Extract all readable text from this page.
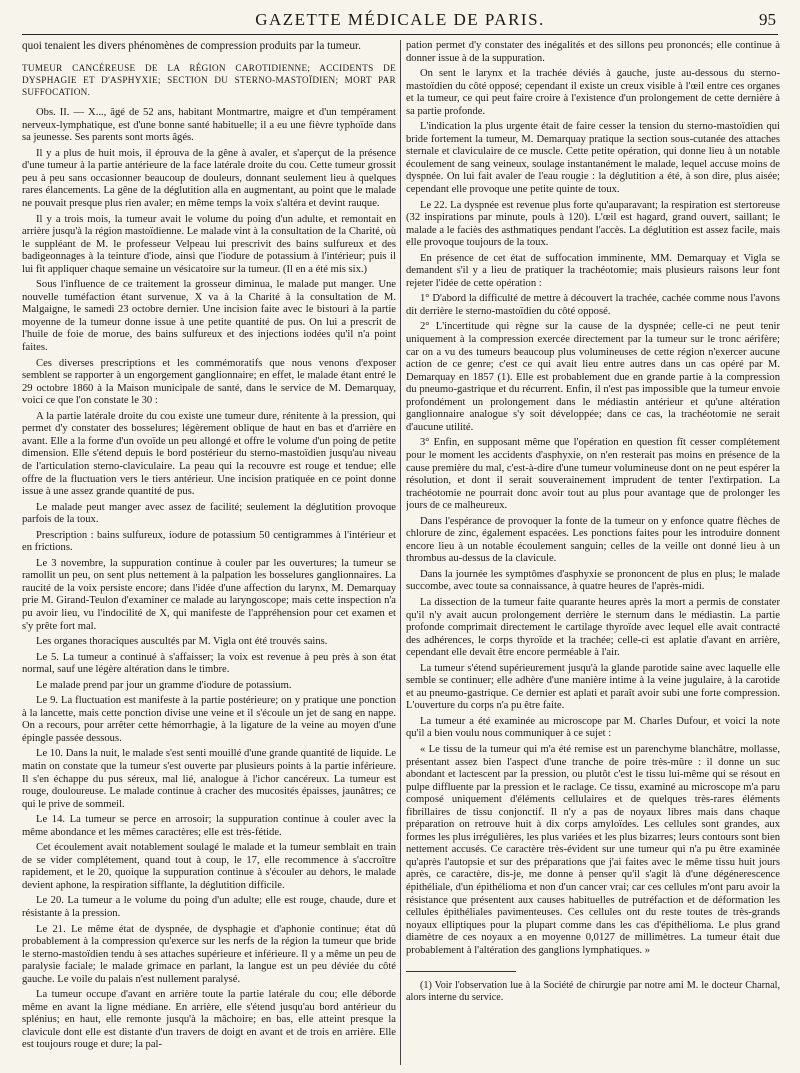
GAZETTE MÉDICALE DE PARIS.	95

quoi tenaient les divers phénomènes de compression produits par la tumeur.

TUMEUR CANCÉREUSE DE LA RÉGION CAROTIDIENNE; ACCIDENTS DE DYSPHAGIE ET D'ASPHYXIE; SECTION DU STERNO-MASTOÏDIEN; MORT PAR SUFFOCATION.

Obs. II. — X..., âgé de 52 ans, habitant Montmartre, maigre et d'un tempérament nerveux-lymphatique, est d'une bonne santé habituelle; il a eu une fièvre typhoïde dans sa jeunesse. Ses parents sont morts âgés.

Il y a plus de huit mois, il éprouva de la gêne à avaler, et s'aperçut de la présence d'une tumeur à la partie antérieure de la face latérale droite du cou. Cette tumeur grossit peu à peu sans occasionner beaucoup de douleurs, donnant seulement lieu à quelques rares élancements. La gêne de la déglutition alla en augmentant, au point que le malade ne pouvait presque plus rien avaler; en même temps la voix s'altéra et devint rauque.

Il y a trois mois, la tumeur avait le volume du poing d'un adulte, et remontait en arrière jusqu'à la région mastoïdienne. Le malade vint à la consultation de la Charité, où le suppléant de M. le professeur Velpeau lui prescrivit des bains sulfureux et des badigeonnages à la teinture d'iode, ainsi que l'iodure de potassium à l'intérieur; puis il lui fit appliquer chaque semaine un vésicatoire sur la tumeur. (Il en a été mis six.)

Sous l'influence de ce traitement la grosseur diminua, le malade put manger. Une nouvelle tuméfaction étant survenue, X va à la Charité à la consultation de M. Malgaigne, le samedi 23 octobre dernier. Une incision faite avec le bistouri à la partie moyenne de la tumeur donne issue à une petite quantité de pus. On lui a prescrit de l'huile de foie de morue, des bains sulfureux et des injections iodées qu'il n'a point faites.

Ces diverses prescriptions et les commémoratifs que nous venons d'exposer semblent se rapporter à un engorgement ganglionnaire; en effet, le malade étant entré le 29 octobre 1860 à la Maison municipale de santé, dans le service de M. Demarquay, voici ce que l'on constate le 30 :

A la partie latérale droite du cou existe une tumeur dure, rénitente à la pression, qui permet d'y constater des bosselures; légèrement oblique de haut en bas et d'arrière en avant. Elle a la forme d'un ovoïde un peu allongé et offre le volume d'un poing de petite dimension. Elle s'étend depuis le bord postérieur du sterno-mastoïdien jusqu'au niveau de l'articulation sterno-claviculaire. La peau qui la recouvre est rouge et tendue; elle offre de la fluctuation vers le tiers antérieur. Une incision pratiquée en ce point donne issue à une assez grande quantité de pus.

Le malade peut manger avec assez de facilité; seulement la déglutition provoque parfois de la toux.

Prescription : bains sulfureux, iodure de potassium 50 centigrammes à l'intérieur et en frictions.

Le 3 novembre, la suppuration continue à couler par les ouvertures; la tumeur se ramollit un peu, on sent plus nettement à la palpation les bosselures ganglionnaires. La raucité de la voix persiste encore; dans l'idée d'une affection du larynx, M. Demarquay prie M. Girand-Teulon d'examiner ce malade au laryngoscope; mais cette inspection n'a pu avoir lieu, vu l'indocilité de X, qui manifeste de l'appréhension pour cet examen et s'y prête fort mal.

Les organes thoraciques auscultés par M. Vigla ont été trouvés sains.

Le 5. La tumeur a continué à s'affaisser; la voix est revenue à peu près à son état normal, sauf une légère altération dans le timbre.

Le malade prend par jour un gramme d'iodure de potassium.

Le 9. La fluctuation est manifeste à la partie postérieure; on y pratique une ponction à la lancette, mais cette ponction divise une veine et il s'écoule un jet de sang en nappe. On a recours, pour arrêter cette hémorrhagie, à la ligature de la veine au moyen d'une épingle passée dessous.

Le 10. Dans la nuit, le malade s'est senti mouillé d'une grande quantité de liquide. Le matin on constate que la tumeur s'est ouverte par plusieurs points à la partie inférieure. Il s'en échappe du pus séreux, mal lié, analogue à l'ichor cancéreux. La tumeur est rouge, douloureuse. Le malade continue à cracher des mucosités épaisses, jaunâtres; ce qui le prive de sommeil.

Le 14. La tumeur se perce en arrosoir; la suppuration continue à couler avec la même abondance et les mêmes caractères; elle est très-fétide.

Cet écoulement avait notablement soulagé le malade et la tumeur semblait en train de se vider complétement, quand tout à coup, le 17, elle recommence à s'accroître rapidement, et le 20, quoique la suppuration continue à s'écouler au dehors, le malade devient aphone, la respiration sifflante, la déglutition difficile.

Le 20. La tumeur a le volume du poing d'un adulte; elle est rouge, chaude, dure et résistante à la pression.

Le 21. Le même état de dyspnée, de dysphagie et d'aphonie continue; état dû probablement à la compression qu'exerce sur les nerfs de la région la tumeur que bride le sterno-mastoïdien tendu à ses attaches supérieure et inférieure. Il y a même un peu de paralysie faciale; le malade grimace en parlant, la langue est un peu déviée du côté gauche. Le voile du palais n'est nullement paralysé.

La tumeur occupe d'avant en arrière toute la partie latérale du cou; elle déborde même en avant la ligne médiane. En arrière, elle s'étend jusqu'au bord antérieur du splénius; en haut, elle remonte jusqu'à la mâchoire; en bas, elle atteint presque la clavicule dont elle est distante d'un travers de doigt en avant et de trois en arrière. Elle est toujours rouge et dure; la pal-

pation permet d'y constater des inégalités et des sillons peu prononcés; elle continue à donner issue à de la suppuration.

On sent le larynx et la trachée déviés à gauche, juste au-dessous du sterno-mastoïdien du côté opposé; cependant il existe un creux visible à l'œil entre ces organes et la tumeur, ce qui peut faire croire à l'existence d'un prolongement de cette dernière à sa partie profonde.

L'indication la plus urgente était de faire cesser la tension du sterno-mastoïdien qui bride fortement la tumeur, M. Demarquay pratique la section sous-cutanée des attaches sternale et claviculaire de ce muscle. Cette petite opération, qui donne lieu à un notable écoulement de sang veineux, soulage instantanément le malade, lequel accuse moins de dyspnée. On lui fait avaler de l'eau rougie : la déglutition a été, à son dire, plus aisée; cependant elle provoque une petite quinte de toux.

Le 22. La dyspnée est revenue plus forte qu'auparavant; la respiration est stertoreuse (32 inspirations par minute, pouls à 120). L'œil est hagard, grand ouvert, saillant; le malade a le faciès des asthmatiques pendant l'accès. La déglutition est assez facile, mais elle provoque toujours de la toux.

En présence de cet état de suffocation imminente, MM. Demarquay et Vigla se demandent s'il y a lieu de pratiquer la trachéotomie; mais plusieurs raisons leur font rejeter l'idée de cette opération :

1° D'abord la difficulté de mettre à découvert la trachée, cachée comme nous l'avons dit derrière le sterno-mastoïdien du côté opposé.

2° L'incertitude qui règne sur la cause de la dyspnée; celle-ci ne peut tenir uniquement à la compression exercée directement par la tumeur sur le tronc aérifère; car on a vu des tumeurs beaucoup plus volumineuses de cette région n'exercer aucune action de ce genre; c'est ce qui avait lieu entre autres dans un cas opéré par M. Demarquay en 1857 (1). Elle est probablement due en grande partie à la compression du pneumo-gastrique et du récurrent. Enfin, il n'est pas impossible que la tumeur envoie profondément un prolongement dans le médiastin antérieur et qu'une altération ganglionnaire analogue s'y soit développée; dans ce cas, la trachéotomie ne serait d'aucune utilité.

3° Enfin, en supposant même que l'opération en question fît cesser complétement pour le moment les accidents d'asphyxie, on n'en resterait pas moins en présence de la cause première du mal, c'est-à-dire d'une tumeur volumineuse dont on ne peut espérer la résolution, et dont il serait souverainement imprudent de tenter l'extirpation. La trachéotomie ne pourrait donc avoir tout au plus pour avantage que de prolonger les jours de ce malheureux.

Dans l'espérance de provoquer la fonte de la tumeur on y enfonce quatre flèches de chlorure de zinc, également espacées. Les ponctions faites pour les introduire donnent encore lieu à un notable écoulement sanguin; celles de la veille ont donné lieu à un thrombus au-dessus de la clavicule.

Dans la journée les symptômes d'asphyxie se prononcent de plus en plus; le malade succombe, avec toute sa connaissance, à quatre heures de l'après-midi.

La dissection de la tumeur faite quarante heures après la mort a permis de constater qu'il n'y avait aucun prolongement derrière le sternum dans le médiastin. La partie profonde comprimait directement le cartilage thyroïde avec lequel elle avait contracté des adhérences, le corps thyroïde et la trachée; celle-ci est aplatie d'avant en arrière, cependant elle devait être encore perméable à l'air.

La tumeur s'étend supérieurement jusqu'à la glande parotide saine avec laquelle elle semble se continuer; elle adhère d'une manière intime à la veine jugulaire, à la carotide et au pneumo-gastrique. Ce dernier est aplati et paraît avoir subi une forte compression. L'ouverture du corps n'a pu être faite.

La tumeur a été examinée au microscope par M. Charles Dufour, et voici la note qu'il a bien voulu nous communiquer à ce sujet :

« Le tissu de la tumeur qui m'a été remise est un parenchyme blanchâtre, mollasse, présentant assez bien l'aspect d'une tranche de poire très-mûre : il donne un suc abondant et lactescent par la pression, ou plutôt c'est le tissu lui-même qui se résout en pulpe diffluente par la pression et le raclage. Ce tissu, examiné au microscope m'a paru composé uniquement d'éléments cellulaires et de quelques très-rares éléments fibrillaires de tissu conjonctif. Il n'y a pas de noyaux libres mais dans chaque préparation on retrouve huit à dix corps amyloïdes. Les cellules sont grandes, aux formes les plus irrégulières, les plus variées et les plus bizarres; leurs contours sont bien nettement accusés. Ce caractère très-évident sur une tumeur qui n'a pu être examinée qu'après l'autopsie et sur des préparations que j'ai faites avec le même tissu huit jours après, ce caractère, dis-je, me donne à penser qu'il s'agit là d'une dégénerescence épithéliale, d'un épithélioma et non d'un cancer vrai; car ces cellules m'ont paru avoir la résistance que présentent aux causes habituelles de putréfaction et de déformation les cellules épithéliales pavimenteuses. Ces cellules ont du reste toutes de très-grands noyaux elliptiques pour la plupart comme dans les cas d'épithélioma. Le plus grand diamètre de ces noyaux a en moyenne 0,0127 de millimètres. La tumeur était due probablement à l'altération des ganglions lymphatiques. »

(1) Voir l'observation lue à la Société de chirurgie par notre ami M. le docteur Charnal, alors interne du service.
